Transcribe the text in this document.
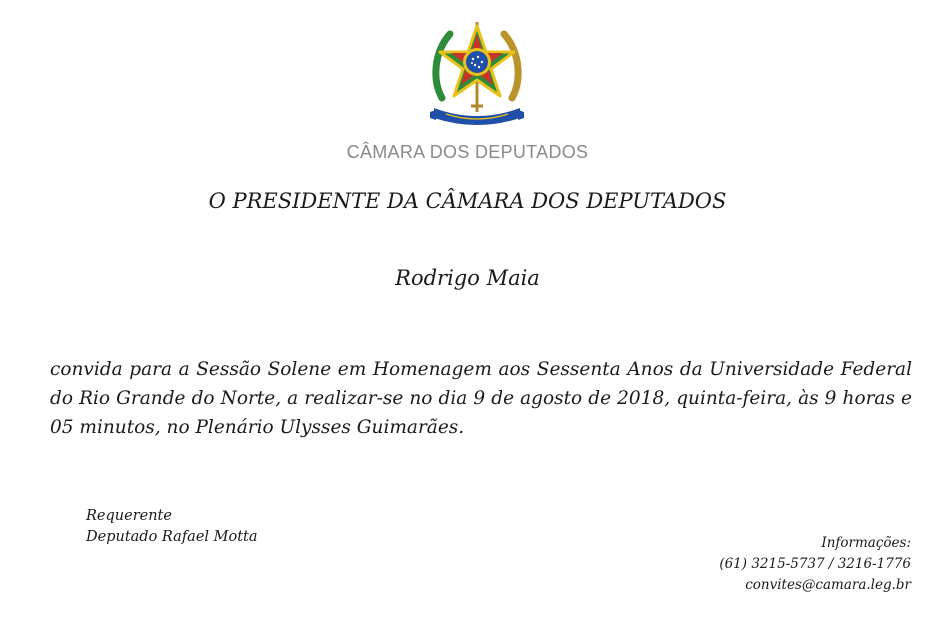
CÂMARA DOS DEPUTADOS
O PRESIDENTE DA CÂMARA DOS DEPUTADOS
Rodrigo Maia
convida para a Sessão Solene em Homenagem aos Sessenta Anos da Universidade Federal do Rio Grande do Norte, a realizar-se no dia 9 de agosto de 2018, quinta-feira, às 9 horas e 05 minutos, no Plenário Ulysses Guimarães.
Requerente
Deputado Rafael Motta	Informações:
(61) 3215-5737 / 3216-1776
convites@camara.leg.br
